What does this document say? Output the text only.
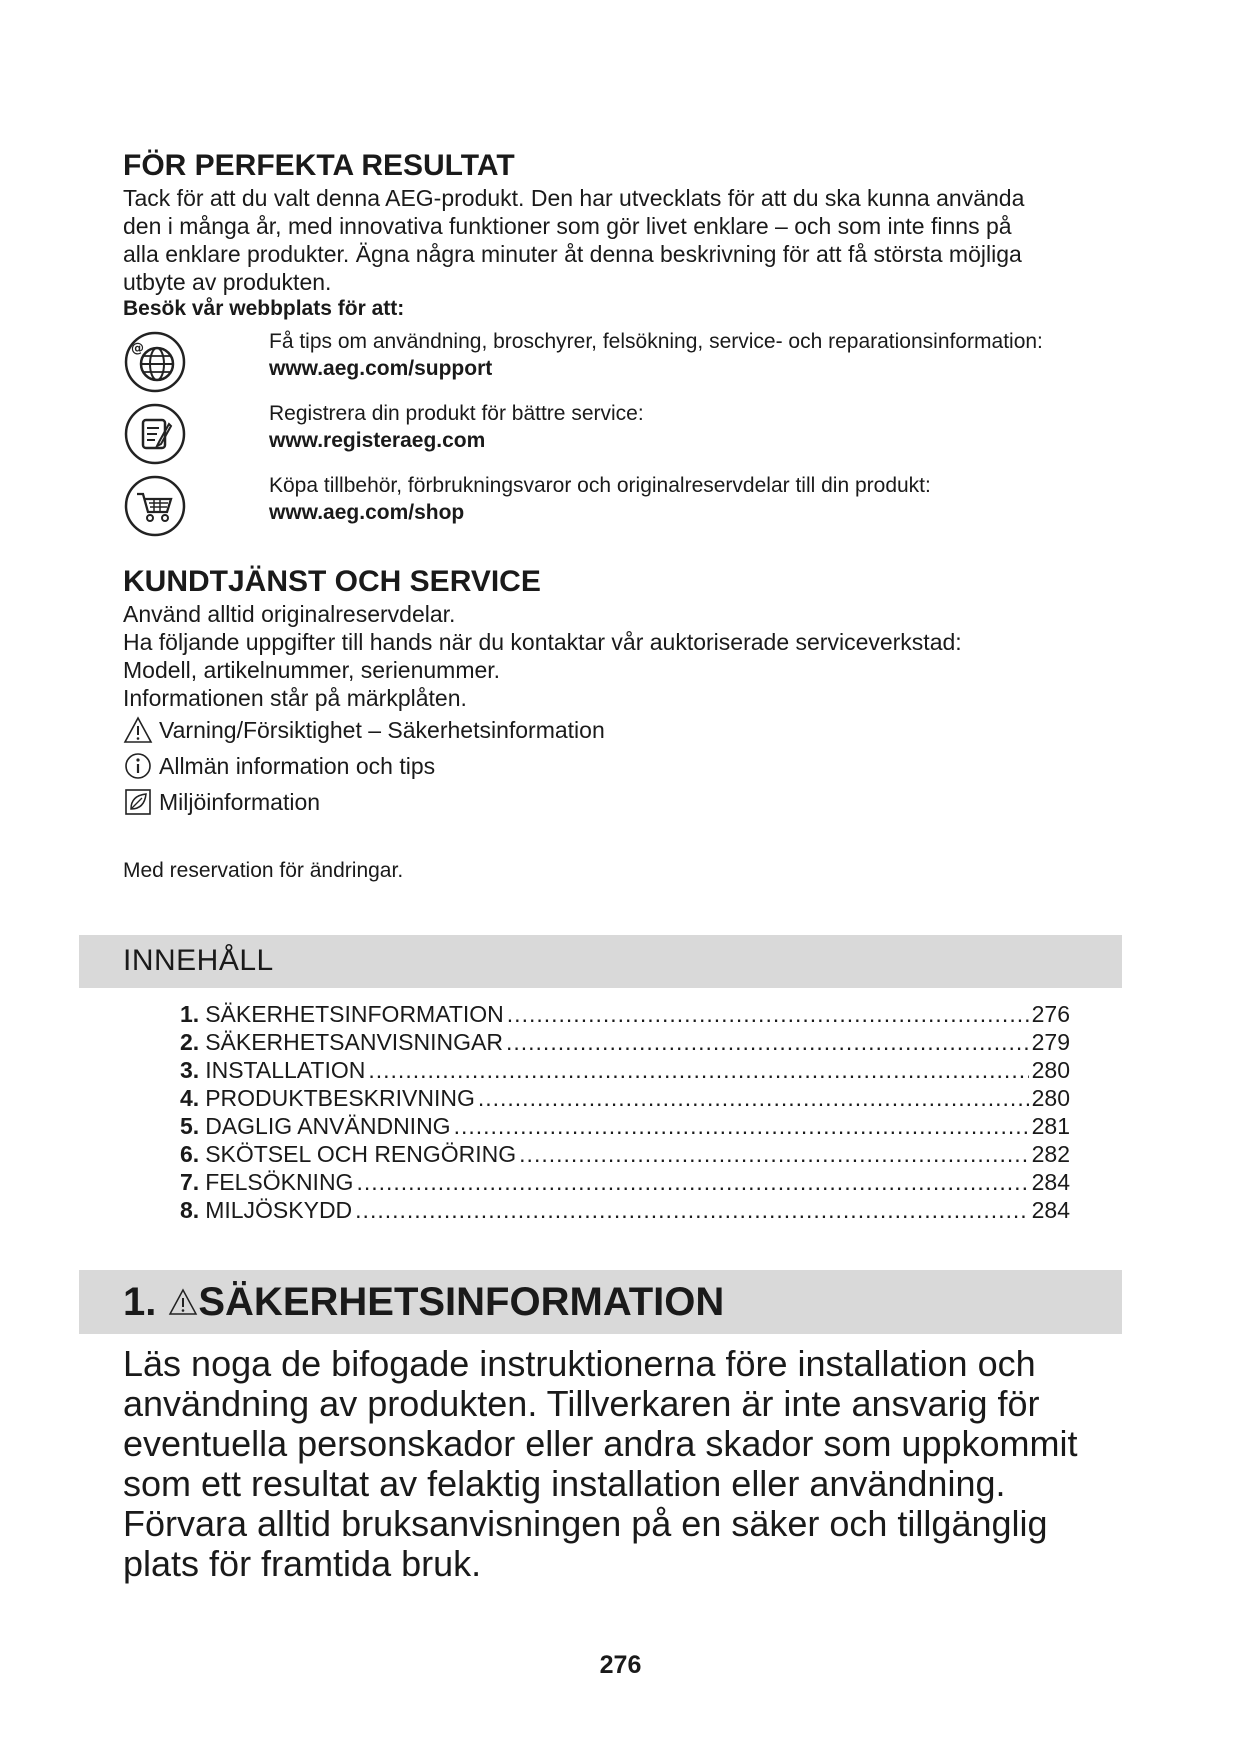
FÖR PERFEKTA RESULTAT
Tack för att du valt denna AEG-produkt. Den har utvecklats för att du ska kunna använda
den i många år, med innovativa funktioner som gör livet enklare – och som inte finns på
alla enklare produkter. Ägna några minuter åt denna beskrivning för att få största möjliga
utbyte av produkten.
Besök vår webbplats för att:
@	Få tips om användning, broschyrer, felsökning, service- och reparationsinformation:
www.aeg.com/support
Registrera din produkt för bättre service:
www.registeraeg.com
Köpa tillbehör, förbrukningsvaror och originalreservdelar till din produkt:
www.aeg.com/shop
KUNDTJÄNST OCH SERVICE
Använd alltid originalreservdelar.
Ha följande uppgifter till hands när du kontaktar vår auktoriserade serviceverkstad:
Modell, artikelnummer, serienummer.
Informationen står på märkplåten.
Varning/Försiktighet – Säkerhetsinformation
Allmän information och tips
Miljöinformation
Med reservation för ändringar.
INNEHÅLL
1. SÄKERHETSINFORMATION .....	276
2. SÄKERHETSANVISNINGAR .....	279
3. INSTALLATION .....	280
4. PRODUKTBESKRIVNING .....	280
5. DAGLIG ANVÄNDNING .....	281
6. SKÖTSEL OCH RENGÖRING .....	282
7. FELSÖKNING .....	284
8. MILJÖSKYDD .....	284
1. SÄKERHETSINFORMATION
Läs noga de bifogade instruktionerna före installation och
användning av produkten. Tillverkaren är inte ansvarig för
eventuella personskador eller andra skador som uppkommit
som ett resultat av felaktig installation eller användning.
Förvara alltid bruksanvisningen på en säker och tillgänglig
plats för framtida bruk.
276
